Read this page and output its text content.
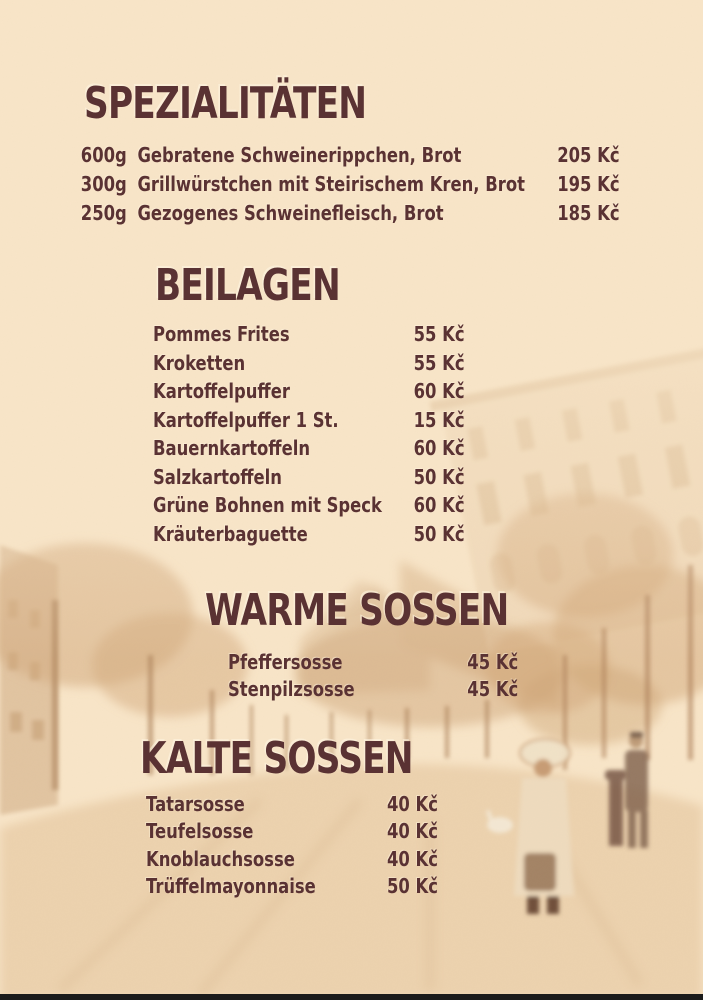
SPEZIALITÄTEN
600g Gebratene Schweinerippchen, Brot	205 Kč
300g Grillwürstchen mit Steirischem Kren, Brot	195 Kč
250g Gezogenes Schweinefleisch, Brot	185 Kč
BEILAGEN
Pommes Frites	55 Kč
Kroketten	55 Kč
Kartoffelpuffer	60 Kč
Kartoffelpuffer 1 St.	15 Kč
Bauernkartoffeln	60 Kč
Salzkartoffeln	50 Kč
Grüne Bohnen mit Speck	60 Kč
Kräuterbaguette	50 Kč
WARME SOSSEN
Pfeffersosse	45 Kč
Stenpilzsosse	45 Kč
KALTE SOSSEN
Tatarsosse	40 Kč
Teufelsosse	40 Kč
Knoblauchsosse	40 Kč
Trüffelmayonnaise	50 Kč
